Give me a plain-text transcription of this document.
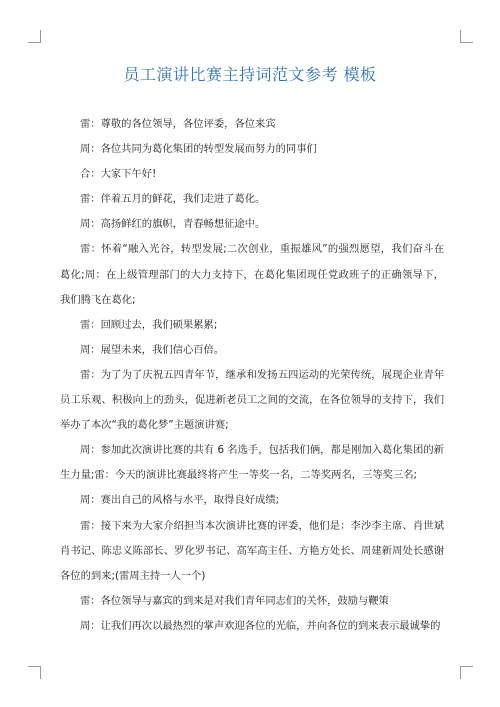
员工演讲比赛主持词范文参考 模板

雷：尊敬的各位领导，各位评委，各位来宾

周：各位共同为葛化集团的转型发展而努力的同事们

合：大家下午好!

雷：伴着五月的鲜花，我们走进了葛化。

周：高扬鲜红的旗帜，青春畅想征途中。

雷：怀着“融入光谷，转型发展;二次创业，重振雄风”的强烈愿望，我们奋斗在葛化;周：在上级管理部门的大力支持下，在葛化集团现任党政班子的正确领导下，我们腾飞在葛化;

雷：回顾过去，我们硕果累累;

周：展望未来，我们信心百倍。

雷：为了为了庆祝五四青年节，继承和发扬五四运动的光荣传统，展现企业青年员工乐观、积极向上的劲头，促进新老员工之间的交流，在各位领导的支持下，我们举办了本次“我的葛化梦”主题演讲赛;

周：参加此次演讲比赛的共有 6 名选手，包括我们俩，都是刚加入葛化集团的新生力量;雷：今天的演讲比赛最终将产生一等奖一名，二等奖两名，三等奖三名;

周：赛出自己的风格与水平，取得良好成绩;

雷：接下来为大家介绍担当本次演讲比赛的评委，他们是：李沙李主席、肖世斌肖书记、陈忠义陈部长、罗化罗书记、高军高主任、方艳方处长、周建新周处长感谢各位的到来;(雷周主持一人一个)

雷：各位领导与嘉宾的到来是对我们青年同志们的关怀，鼓励与鞭策

周：让我们再次以最热烈的掌声欢迎各位的光临，并向各位的到来表示最诚挚的
